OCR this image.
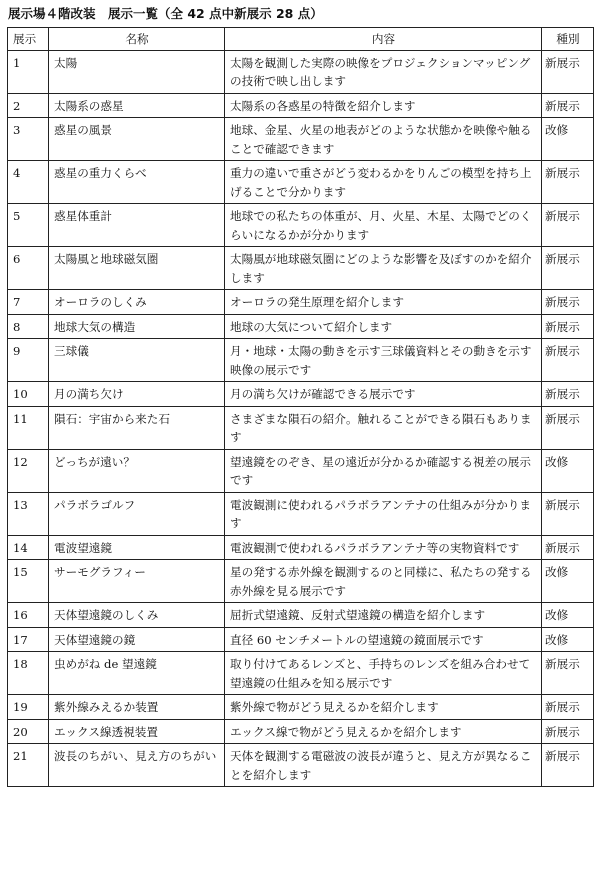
展示場４階改装　展示一覧（全 42 点中新展示 28 点）
展示	名称	内容	種別
1	太陽	太陽を観測した実際の映像をプロジェクションマッピングの技術で映し出します	新展示
2	太陽系の惑星	太陽系の各惑星の特徴を紹介します	新展示
3	惑星の風景	地球、金星、火星の地表がどのような状態かを映像や触ることで確認できます	改修
4	惑星の重力くらべ	重力の違いで重さがどう変わるかをりんごの模型を持ち上げることで分かります	新展示
5	惑星体重計	地球での私たちの体重が、月、火星、木星、太陽でどのくらいになるかが分かります	新展示
6	太陽風と地球磁気圏	太陽風が地球磁気圏にどのような影響を及ぼすのかを紹介します	新展示
7	オーロラのしくみ	オーロラの発生原理を紹介します	新展示
8	地球大気の構造	地球の大気について紹介します	新展示
9	三球儀	月・地球・太陽の動きを示す三球儀資料とその動きを示す映像の展示です	新展示
10	月の満ち欠け	月の満ち欠けが確認できる展示です	新展示
11	隕石：宇宙から来た石	さまざまな隕石の紹介。触れることができる隕石もあります	新展示
12	どっちが遠い？	望遠鏡をのぞき、星の遠近が分かるか確認する視差の展示です	改修
13	パラボラゴルフ	電波観測に使われるパラボラアンテナの仕組みが分かります	新展示
14	電波望遠鏡	電波観測で使われるパラボラアンテナ等の実物資料です	新展示
15	サーモグラフィー	星の発する赤外線を観測するのと同様に、私たちの発する赤外線を見る展示です	改修
16	天体望遠鏡のしくみ	屈折式望遠鏡、反射式望遠鏡の構造を紹介します	改修
17	天体望遠鏡の鏡	直径 60 センチメートルの望遠鏡の鏡面展示です	改修
18	虫めがね de 望遠鏡	取り付けてあるレンズと、手持ちのレンズを組み合わせて望遠鏡の仕組みを知る展示です	新展示
19	紫外線みえるか装置	紫外線で物がどう見えるかを紹介します	新展示
20	エックス線透視装置	エックス線で物がどう見えるかを紹介します	新展示
21	波長のちがい、見え方のちがい	天体を観測する電磁波の波長が違うと、見え方が異なることを紹介します	新展示
